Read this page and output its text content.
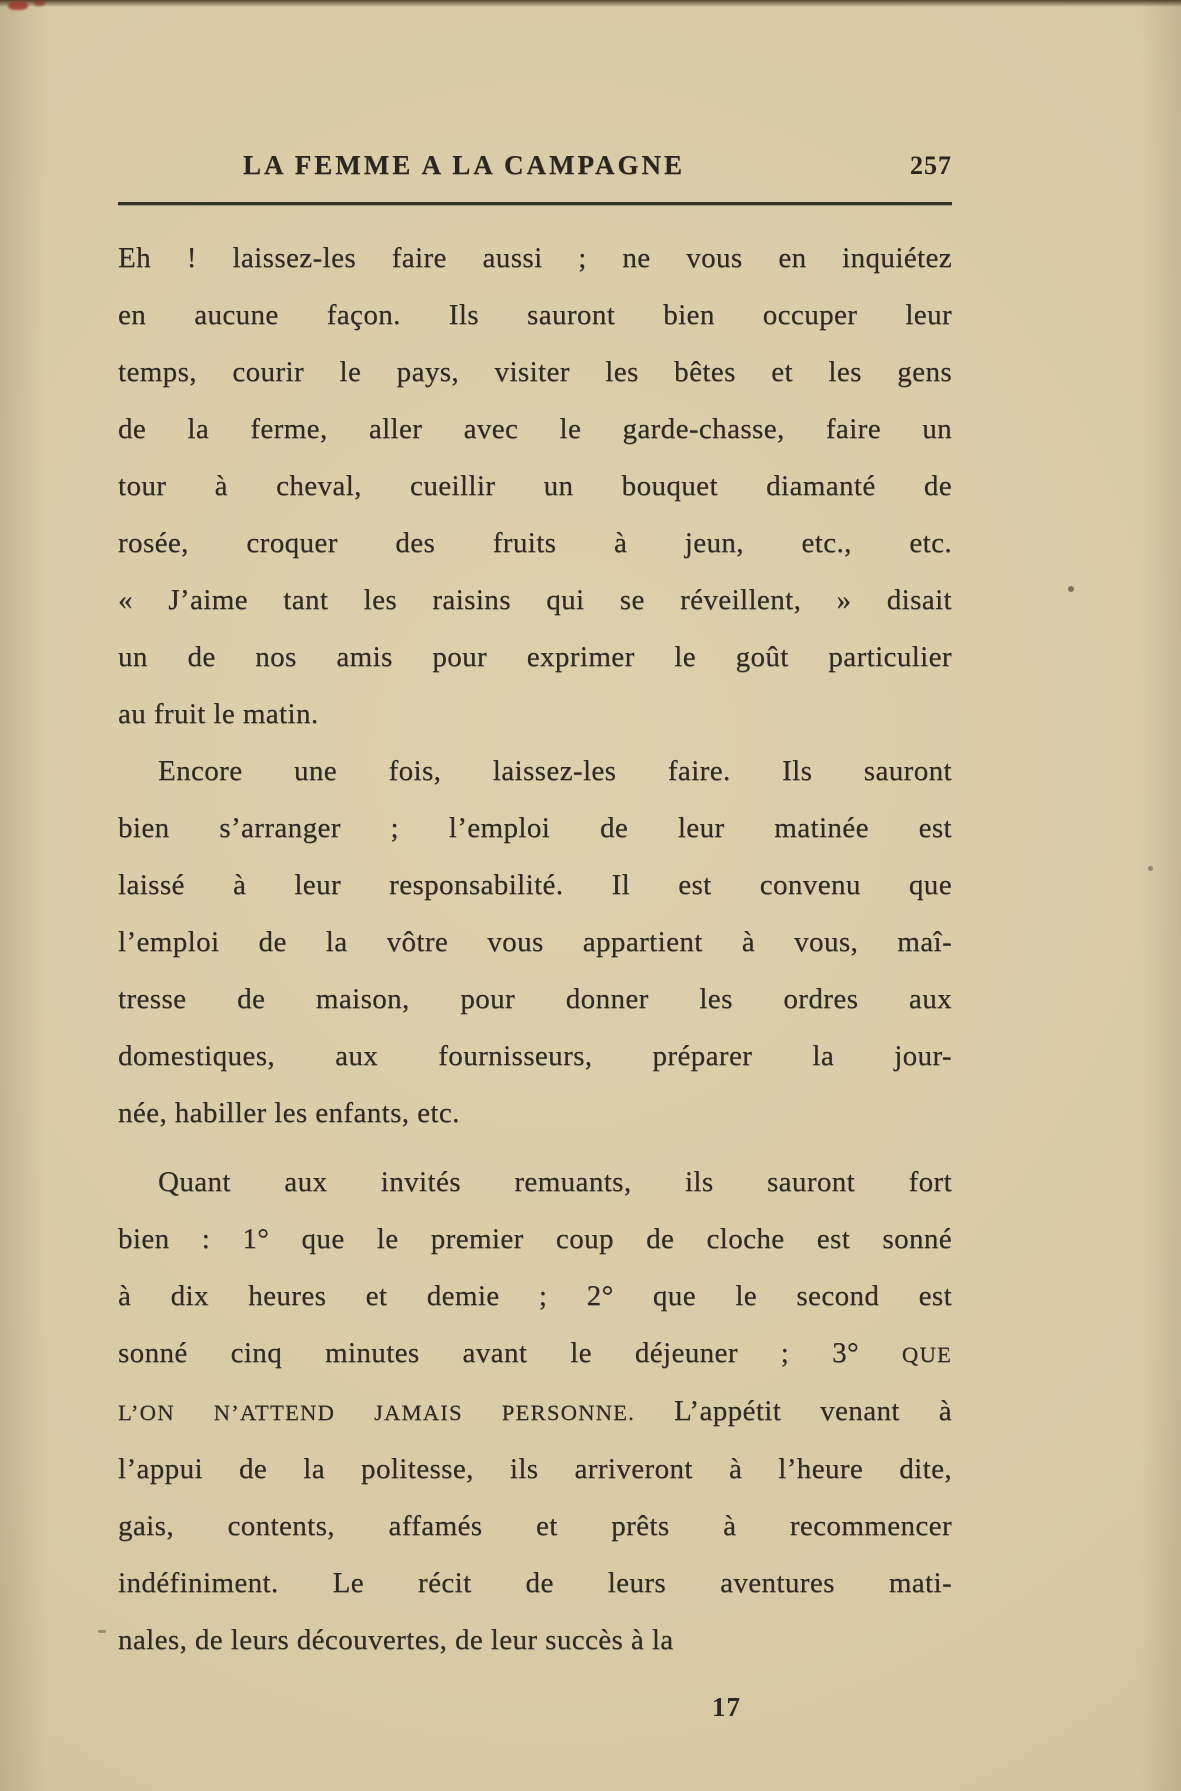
LA FEMME A LA CAMPAGNE	257
Eh ! laissez-les faire aussi ; ne vous en inquiétez
en aucune façon. Ils sauront bien occuper leur
temps, courir le pays, visiter les bêtes et les gens
de la ferme, aller avec le garde-chasse, faire un
tour à cheval, cueillir un bouquet diamanté de
rosée, croquer des fruits à jeun, etc., etc.
« J’aime tant les raisins qui se réveillent, » disait
un de nos amis pour exprimer le goût particulier
au fruit le matin.
Encore une fois, laissez-les faire. Ils sauront
bien s’arranger ; l’emploi de leur matinée est
laissé à leur responsabilité. Il est convenu que
l’emploi de la vôtre vous appartient à vous, maî-
tresse de maison, pour donner les ordres aux
domestiques, aux fournisseurs, préparer la jour-
née, habiller les enfants, etc.
Quant aux invités remuants, ils sauront fort
bien : 1° que le premier coup de cloche est sonné
à dix heures et demie ; 2° que le second est
sonné cinq minutes avant le déjeuner ; 3° QUE
L’ON N’ATTEND JAMAIS PERSONNE. L’appétit venant à
l’appui de la politesse, ils arriveront à l’heure dite,
gais, contents, affamés et prêts à recommencer
indéfiniment. Le récit de leurs aventures mati-
nales, de leurs découvertes, de leur succès à la
17
